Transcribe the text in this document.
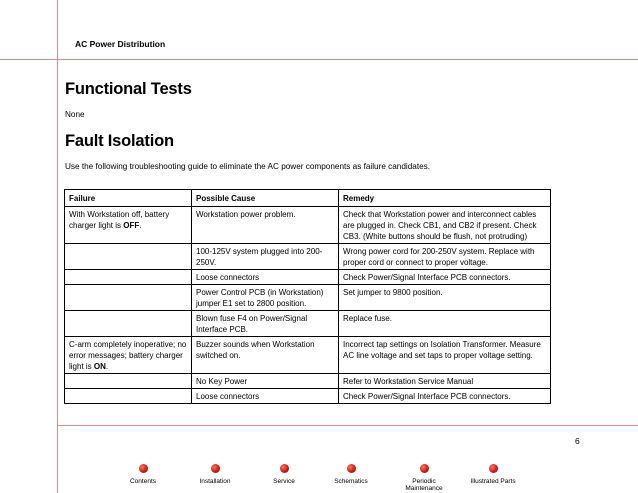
AC Power Distribution
Functional Tests
None
Fault Isolation
Use the following troubleshooting guide to eliminate the AC power components as failure candidates.
Failure	Possible Cause	Remedy
With Workstation off, battery charger light is OFF.	Workstation power problem.	Check that Workstation power and interconnect cables are plugged in. Check CB1, and CB2 if present. Check CB3. (White buttons should be flush, not protruding)
	100-125V system plugged into 200-250V.	Wrong power cord for 200-250V system. Replace with proper cord or connect to proper voltage.
	Loose connectors	Check Power/Signal Interface PCB connectors.
	Power Control PCB (in Workstation) jumper E1 set to 2800 position.	Set jumper to 9800 position.
	Blown fuse F4 on Power/Signal Interface PCB.	Replace fuse.
C-arm completely inoperative; no error messages; battery charger light is ON.	Buzzer sounds when Workstation switched on.	Incorrect tap settings on Isolation Transformer. Measure AC line voltage and set taps to proper voltage setting.
	No Key Power	Refer to Workstation Service Manual
	Loose connectors	Check Power/Signal Interface PCB connectors.
6
Contents	Installation	Service	Schematics	Periodic Maintenance
Illustrated Parts
